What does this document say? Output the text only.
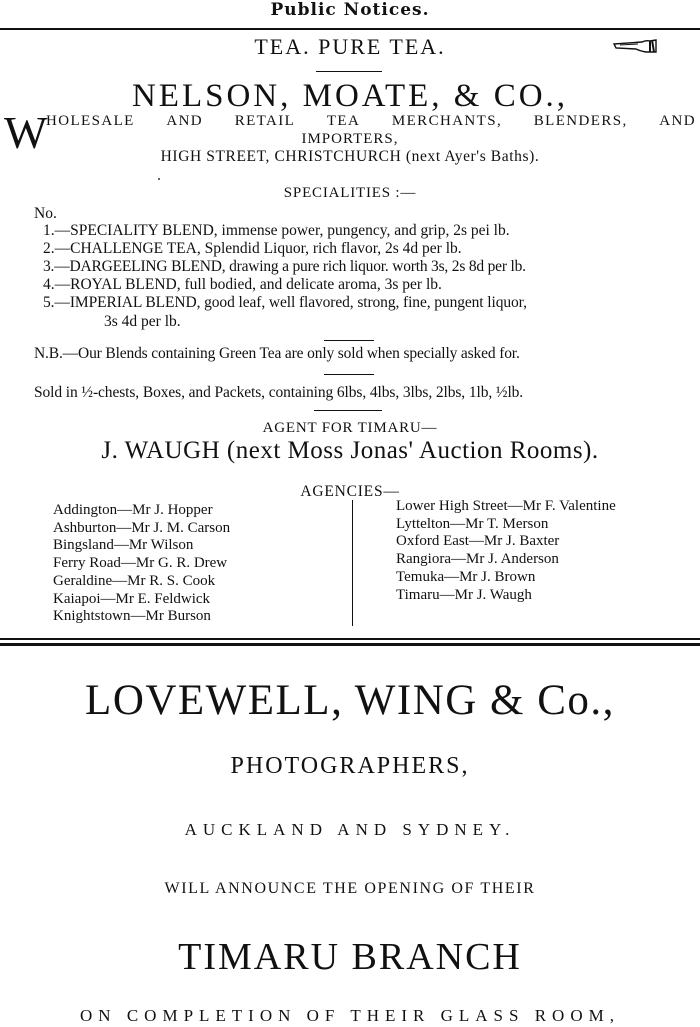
Public Notices.
TEA. PURE TEA.
NELSON, MOATE, & CO.,
W
HOLESALE AND RETAIL TEA MERCHANTS, BLENDERS, AND
IMPORTERS,
HIGH STREET, CHRISTCHURCH (next Ayer's Baths).
SPECIALITIES :—
No.
1.—SPECIALITY BLEND, immense power, pungency, and grip, 2s pei lb.
2.—CHALLENGE TEA, Splendid Liquor, rich flavor, 2s 4d per lb.
3.—DARGEELING BLEND, drawing a pure rich liquor. worth 3s, 2s 8d per lb.
4.—ROYAL BLEND, full bodied, and delicate aroma, 3s per lb.
5.—IMPERIAL BLEND, good leaf, well flavored, strong, fine, pungent liquor,
3s 4d per lb.
N.B.—Our Blends containing Green Tea are only sold when specially asked for.
Sold in ½-chests, Boxes, and Packets, containing 6lbs, 4lbs, 3lbs, 2lbs, 1lb, ½lb.
AGENT FOR TIMARU—
J. WAUGH (next Moss Jonas' Auction Rooms).
AGENCIES—
Addington—Mr J. Hopper
Ashburton—Mr J. M. Carson
Bingsland—Mr Wilson
Ferry Road—Mr G. R. Drew
Geraldine—Mr R. S. Cook
Kaiapoi—Mr E. Feldwick
Knightstown—Mr Burson
Lower High Street—Mr F. Valentine
Lyttelton—Mr T. Merson
Oxford East—Mr J. Baxter
Rangiora—Mr J. Anderson
Temuka—Mr J. Brown
Timaru—Mr J. Waugh
LOVEWELL, WING & Co.,
PHOTOGRAPHERS,
AUCKLAND AND SYDNEY.
WILL ANNOUNCE THE OPENING OF THEIR
TIMARU BRANCH
ON COMPLETION OF THEIR GLASS ROOM,
